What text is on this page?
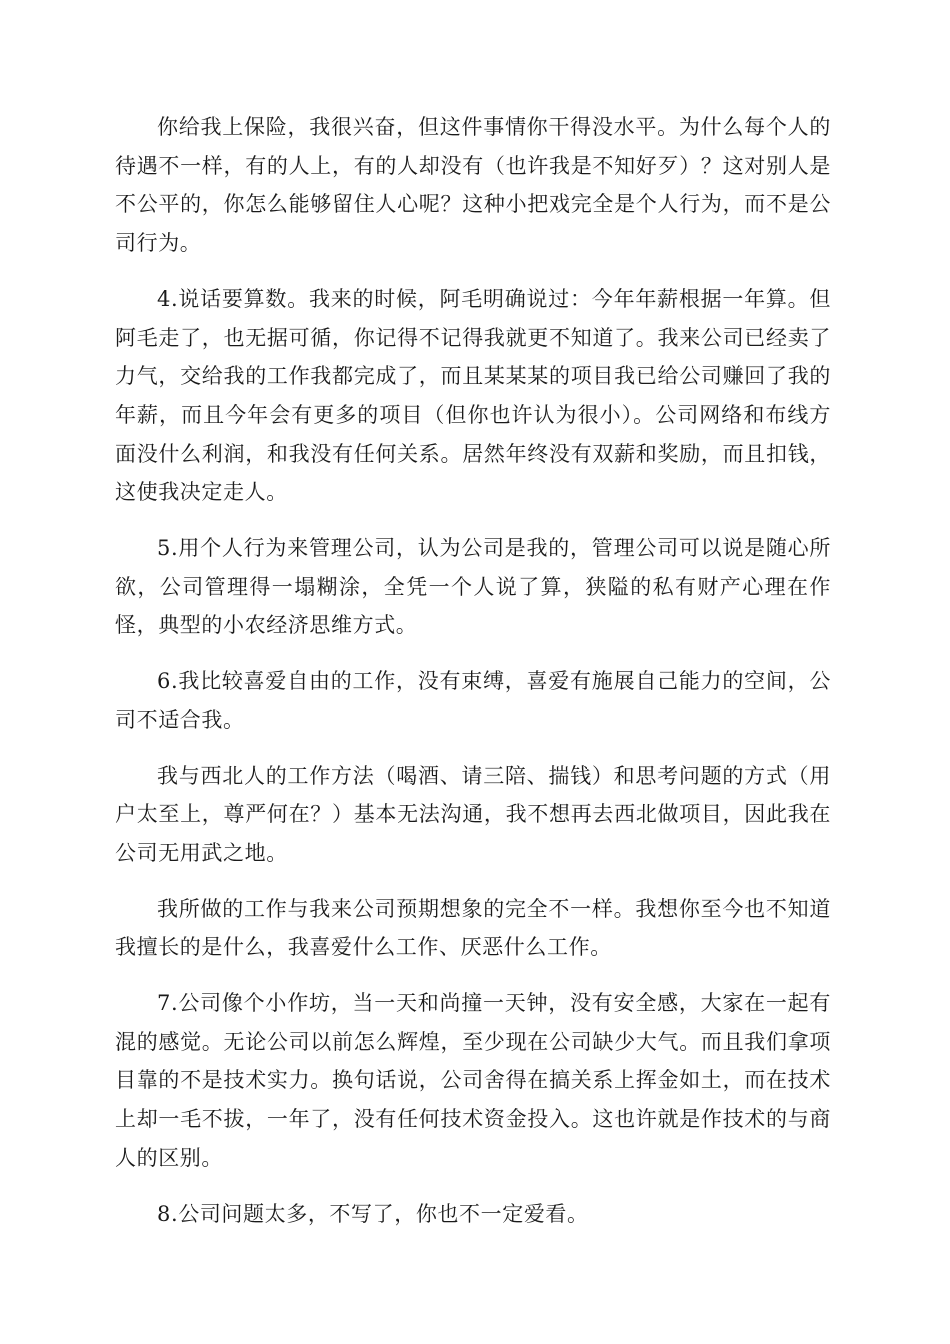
你给我上保险，我很兴奋，但这件事情你干得没水平。为什么每个人的待遇不一样，有的人上，有的人却没有（也许我是不知好歹）？这对别人是不公平的，你怎么能够留住人心呢？这种小把戏完全是个人行为，而不是公司行为。

4.说话要算数。我来的时候，阿毛明确说过：今年年薪根据一年算。但阿毛走了，也无据可循，你记得不记得我就更不知道了。我来公司已经卖了力气，交给我的工作我都完成了，而且某某某的项目我已给公司赚回了我的年薪，而且今年会有更多的项目（但你也许认为很小）。公司网络和布线方面没什么利润，和我没有任何关系。居然年终没有双薪和奖励，而且扣钱，这使我决定走人。

5.用个人行为来管理公司，认为公司是我的，管理公司可以说是随心所欲，公司管理得一塌糊涂，全凭一个人说了算，狭隘的私有财产心理在作怪，典型的小农经济思维方式。

6.我比较喜爱自由的工作，没有束缚，喜爱有施展自己能力的空间，公司不适合我。

我与西北人的工作方法（喝酒、请三陪、揣钱）和思考问题的方式（用户太至上，尊严何在？）基本无法沟通，我不想再去西北做项目，因此我在公司无用武之地。

我所做的工作与我来公司预期想象的完全不一样。我想你至今也不知道我擅长的是什么，我喜爱什么工作、厌恶什么工作。

7.公司像个小作坊，当一天和尚撞一天钟，没有安全感，大家在一起有混的感觉。无论公司以前怎么辉煌，至少现在公司缺少大气。而且我们拿项目靠的不是技术实力。换句话说，公司舍得在搞关系上挥金如土，而在技术上却一毛不拔，一年了，没有任何技术资金投入。这也许就是作技术的与商人的区别。

8.公司问题太多，不写了，你也不一定爱看。
